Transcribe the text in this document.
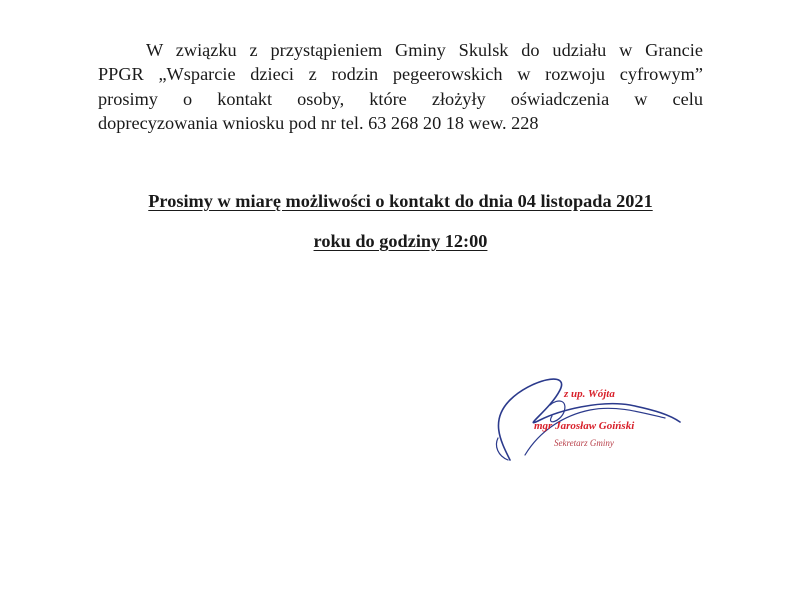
W związku z przystąpieniem Gminy Skulsk do udziału w Grancie
PPGR „Wsparcie dzieci z rodzin pegeerowskich w rozwoju cyfrowym”
prosimy o kontakt osoby, które złożyły oświadczenia w celu
doprecyzowania wniosku pod nr tel. 63 268 20 18 wew. 228
Prosimy w miarę możliwości o kontakt do dnia 04 listopada 2021
roku do godziny 12:00
z up. Wójta
mgr Jarosław Goiński
Sekretarz Gminy
